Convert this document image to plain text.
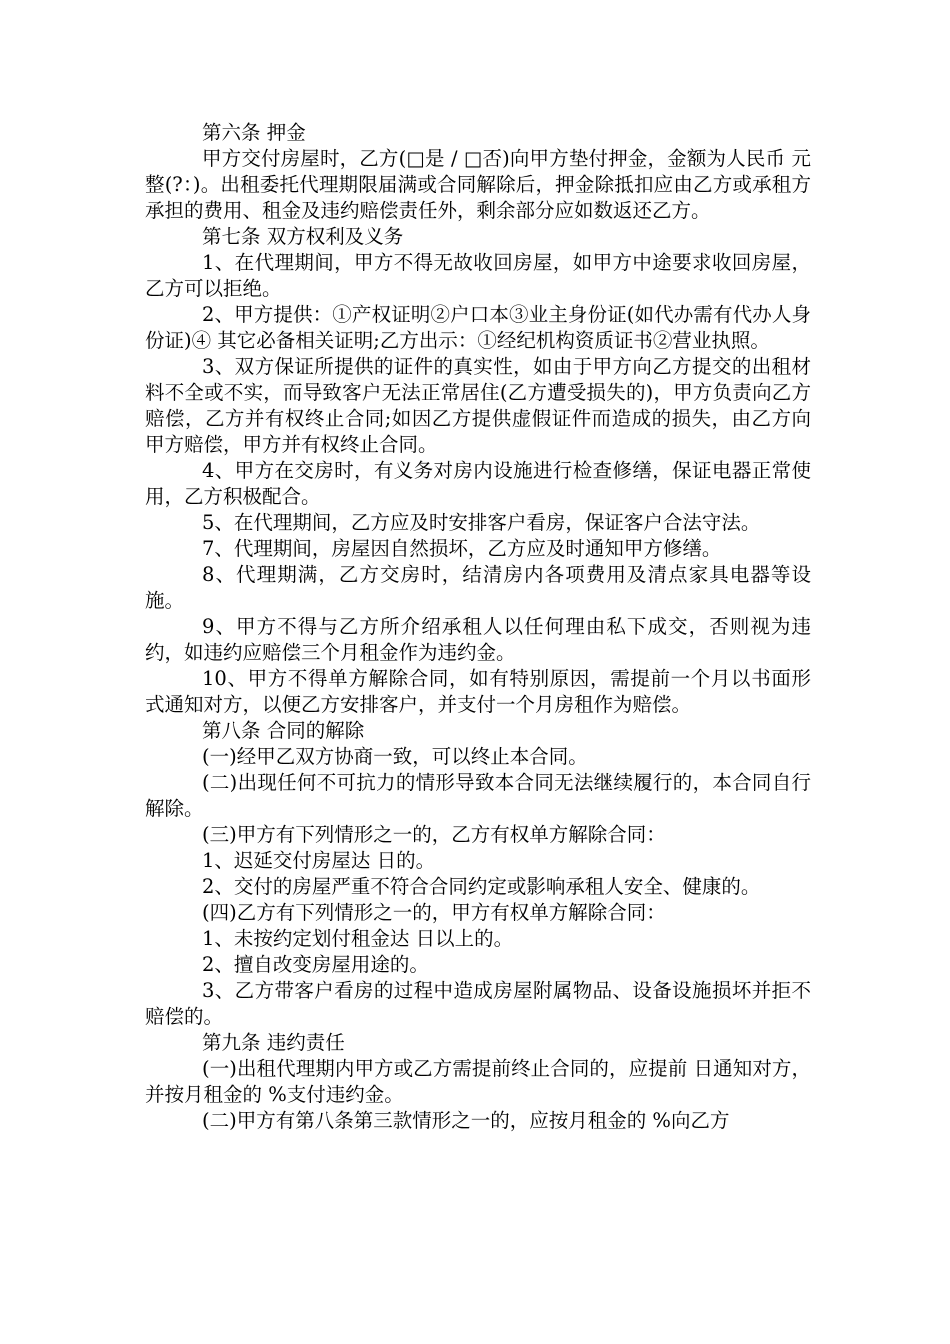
第六条 押金

甲方交付房屋时，乙方(□是 / □否)向甲方垫付押金，金额为人民币 元整(?：)。出租委托代理期限届满或合同解除后，押金除抵扣应由乙方或承租方承担的费用、租金及违约赔偿责任外，剩余部分应如数返还乙方。

第七条 双方权利及义务

1、在代理期间，甲方不得无故收回房屋，如甲方中途要求收回房屋，乙方可以拒绝。

2、甲方提供：①产权证明②户口本③业主身份证(如代办需有代办人身份证)④ 其它必备相关证明;乙方出示：①经纪机构资质证书②营业执照。

3、双方保证所提供的证件的真实性，如由于甲方向乙方提交的出租材料不全或不实，而导致客户无法正常居住(乙方遭受损失的)，甲方负责向乙方赔偿，乙方并有权终止合同;如因乙方提供虚假证件而造成的损失，由乙方向甲方赔偿，甲方并有权终止合同。

4、甲方在交房时，有义务对房内设施进行检查修缮，保证电器正常使用，乙方积极配合。

5、在代理期间，乙方应及时安排客户看房，保证客户合法守法。

7、代理期间，房屋因自然损坏，乙方应及时通知甲方修缮。

8、代理期满，乙方交房时，结清房内各项费用及清点家具电器等设施。

9、甲方不得与乙方所介绍承租人以任何理由私下成交，否则视为违约，如违约应赔偿三个月租金作为违约金。

10、甲方不得单方解除合同，如有特别原因，需提前一个月以书面形式通知对方，以便乙方安排客户，并支付一个月房租作为赔偿。

第八条 合同的解除

(一)经甲乙双方协商一致，可以终止本合同。

(二)出现任何不可抗力的情形导致本合同无法继续履行的，本合同自行解除。

(三)甲方有下列情形之一的，乙方有权单方解除合同：

1、迟延交付房屋达 日的。

2、交付的房屋严重不符合合同约定或影响承租人安全、健康的。

(四)乙方有下列情形之一的，甲方有权单方解除合同：

1、未按约定划付租金达 日以上的。

2、擅自改变房屋用途的。

3、乙方带客户看房的过程中造成房屋附属物品、设备设施损坏并拒不赔偿的。

第九条 违约责任

(一)出租代理期内甲方或乙方需提前终止合同的，应提前 日通知对方，并按月租金的 %支付违约金。

(二)甲方有第八条第三款情形之一的，应按月租金的 %向乙方
